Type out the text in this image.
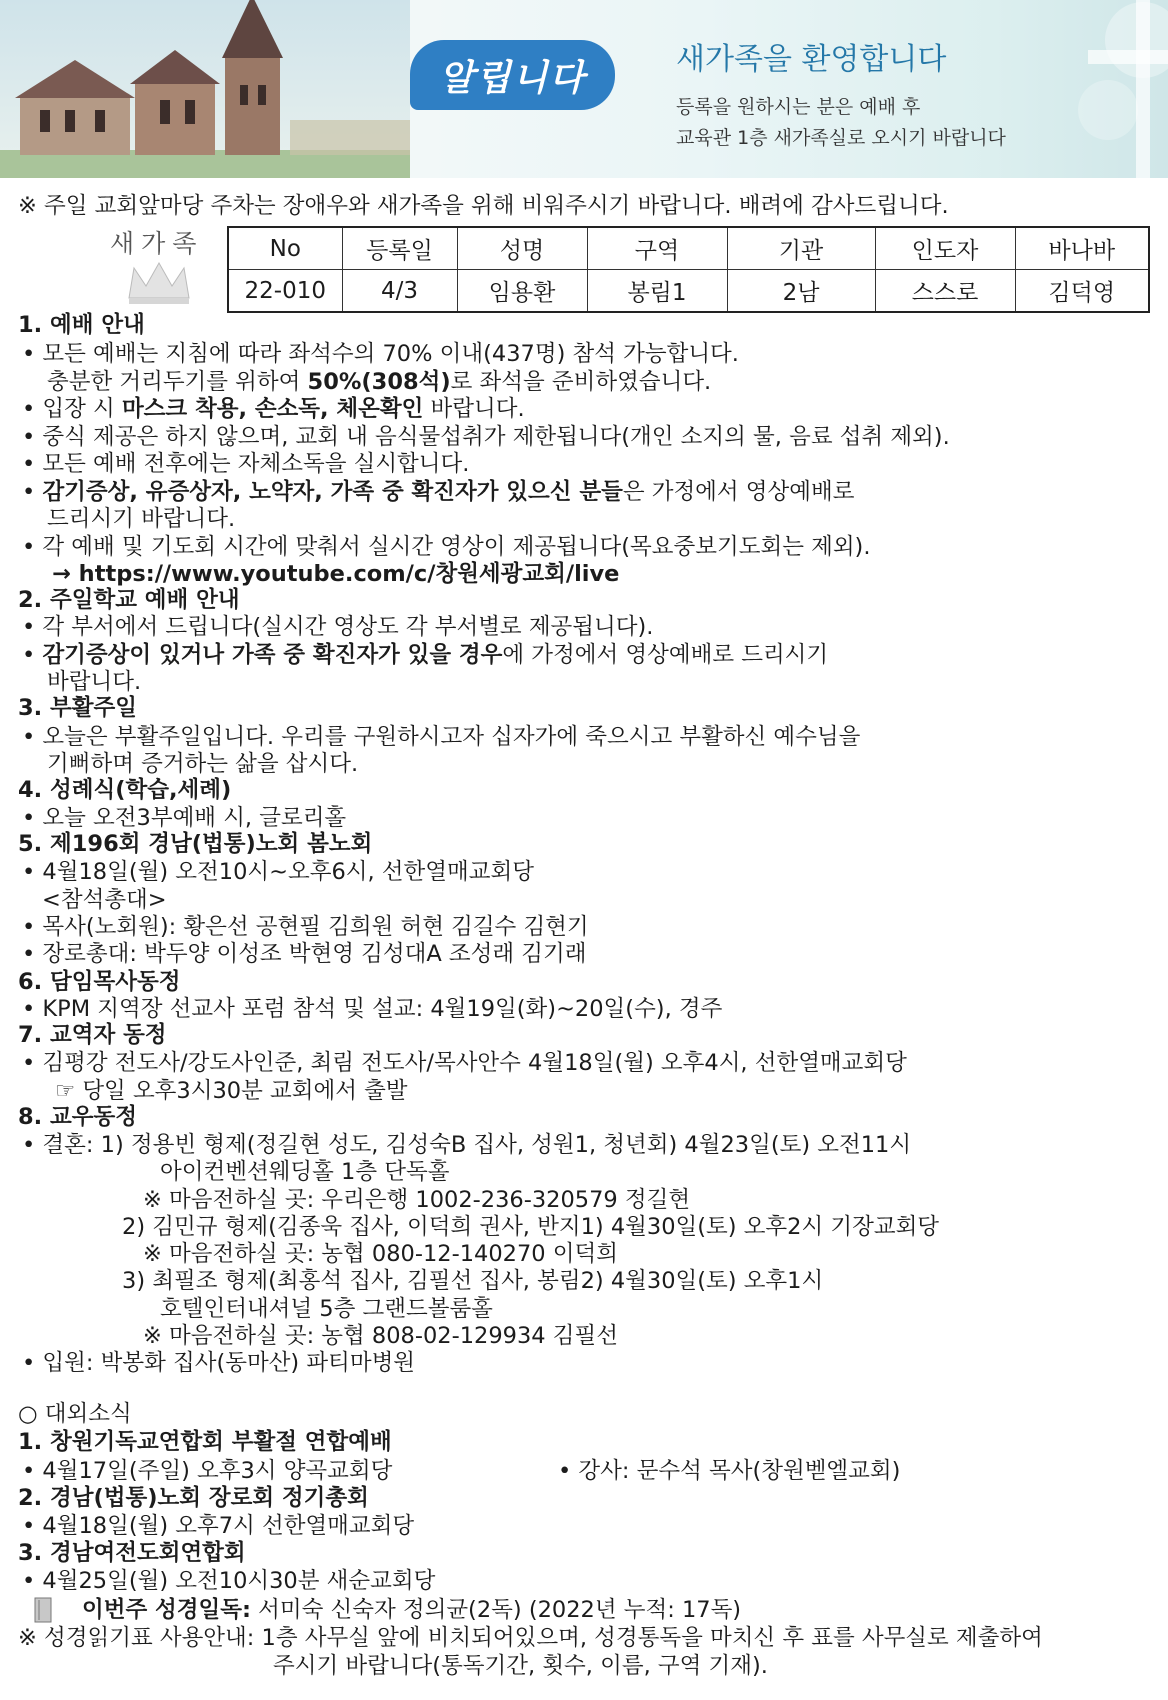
알립니다	새가족을 환영합니다
등록을 원하시는 분은 예배 후
교육관 1층 새가족실로 오시기 바랍니다
※ 주일 교회앞마당 주차는 장애우와 새가족을 위해 비워주시기 바랍니다. 배려에 감사드립니다.
새가족	No	등록일	성명	구역	기관	인도자	바나바
22-010	4/3	임용환	봉림1	2남	스스로	김덕영
1. 예배 안내
• 모든 예배는 지침에 따라 좌석수의 70% 이내(437명) 참석 가능합니다.
충분한 거리두기를 위하여 50%(308석)로 좌석을 준비하였습니다.
• 입장 시 마스크 착용, 손소독, 체온확인 바랍니다.
• 중식 제공은 하지 않으며, 교회 내 음식물섭취가 제한됩니다(개인 소지의 물, 음료 섭취 제외).
• 모든 예배 전후에는 자체소독을 실시합니다.
• 감기증상, 유증상자, 노약자, 가족 중 확진자가 있으신 분들은 가정에서 영상예배로
드리시기 바랍니다.
• 각 예배 및 기도회 시간에 맞춰서 실시간 영상이 제공됩니다(목요중보기도회는 제외).
→ https://www.youtube.com/c/창원세광교회/live
2. 주일학교 예배 안내
• 각 부서에서 드립니다(실시간 영상도 각 부서별로 제공됩니다).
• 감기증상이 있거나 가족 중 확진자가 있을 경우에 가정에서 영상예배로 드리시기
바랍니다.
3. 부활주일
• 오늘은 부활주일입니다. 우리를 구원하시고자 십자가에 죽으시고 부활하신 예수님을
기뻐하며 증거하는 삶을 삽시다.
4. 성례식(학습,세례)
• 오늘 오전3부예배 시, 글로리홀
5. 제196회 경남(법통)노회 봄노회
• 4월18일(월) 오전10시~오후6시, 선한열매교회당
<참석총대>
• 목사(노회원): 황은선 공현필 김희원 허현 김길수 김현기
• 장로총대: 박두양 이성조 박현영 김성대A 조성래 김기래
6. 담임목사동정
• KPM 지역장 선교사 포럼 참석 및 설교: 4월19일(화)~20일(수), 경주
7. 교역자 동정
• 김평강 전도사/강도사인준, 최림 전도사/목사안수 4월18일(월) 오후4시, 선한열매교회당
☞ 당일 오후3시30분 교회에서 출발
8. 교우동정
• 결혼: 1) 정용빈 형제(정길현 성도, 김성숙B 집사, 성원1, 청년회) 4월23일(토) 오전11시
아이컨벤션웨딩홀 1층 단독홀
※ 마음전하실 곳: 우리은행 1002-236-320579 정길현
2) 김민규 형제(김종욱 집사, 이덕희 권사, 반지1) 4월30일(토) 오후2시 기장교회당
※ 마음전하실 곳: 농협 080-12-140270 이덕희
3) 최필조 형제(최홍석 집사, 김필선 집사, 봉림2) 4월30일(토) 오후1시
호텔인터내셔널 5층 그랜드볼룸홀
※ 마음전하실 곳: 농협 808-02-129934 김필선
• 입원: 박봉화 집사(동마산) 파티마병원
○ 대외소식
1. 창원기독교연합회 부활절 연합예배
• 4월17일(주일) 오후3시 양곡교회당	• 강사: 문수석 목사(창원벧엘교회)
2. 경남(법통)노회 장로회 정기총회
• 4월18일(월) 오후7시 선한열매교회당
3. 경남여전도회연합회
• 4월25일(월) 오전10시30분 새순교회당
이번주 성경일독: 서미숙 신숙자 정의균(2독) (2022년 누적: 17독)
※ 성경읽기표 사용안내: 1층 사무실 앞에 비치되어있으며, 성경통독을 마치신 후 표를 사무실로 제출하여
주시기 바랍니다(통독기간, 횟수, 이름, 구역 기재).
